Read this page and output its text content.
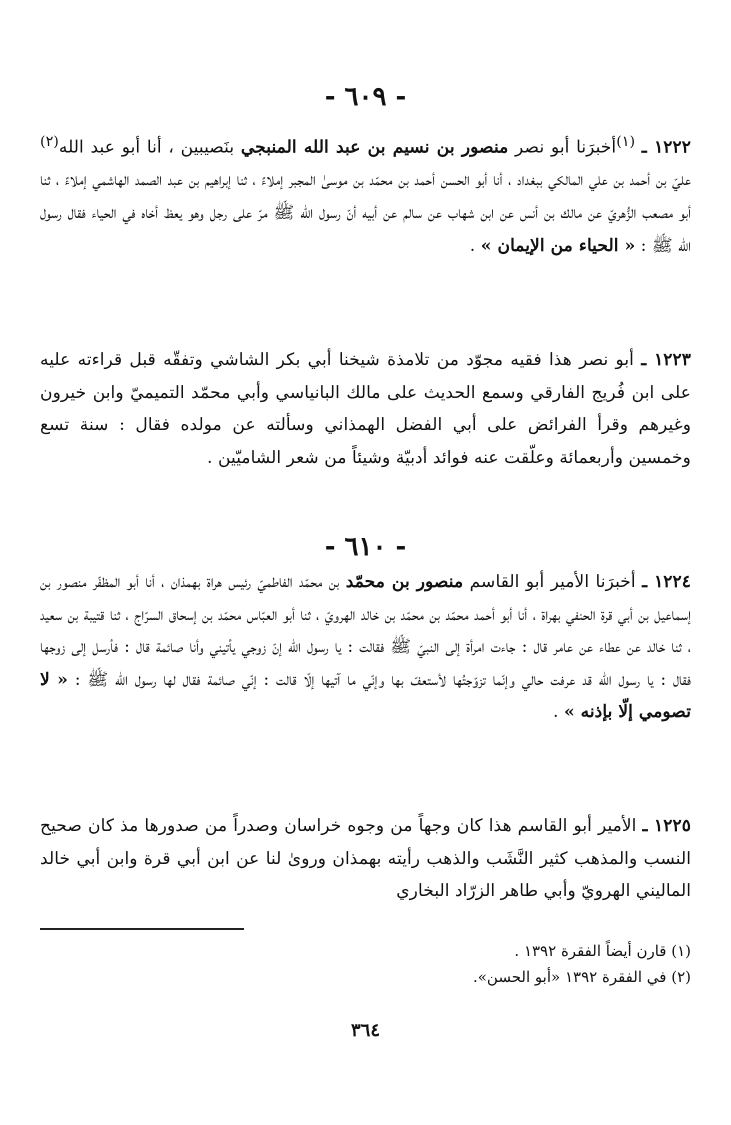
- ٦٠٩ -

١٢٢٢ ـ $^{(١)}$أخبرَنا أبو نصر منصور بن نسيم بن عبد الله المنبجي بنَصيبين ، أنا أبو عبد الله$^{(٢)}$ عليّ بن أحمد بن علي المالكي ببغداد ، أنا أبو الحسن أحمد بن محمّد بن موسىٰ المجبر إملاءً ، ثنا إبراهيم بن عبد الصمد الهاشمي إملاءً ، ثنا أبو مصعب الزُّهريّ عن مالك بن أنس عن ابن شهاب عن سالم عن أبيه أنّ رسول الله ﷺ مرّ على رجل وهو يعظ أخاه في الحياء فقال رسول الله ﷺ : « الحياء من الإيمان » .

١٢٢٣ ـ أبو نصر هذا فقيه مجوّد من تلامذة شيخنا أبي بكر الشاشي وتفقّه قبل قراءته عليه على ابن فُريج الفارقي وسمع الحديث على مالك البانياسي وأبي محمّد التميميّ وابن خيرون وغيرهم وقرأ الفرائض على أبي الفضل الهمذاني وسألته عن مولده فقال : سنة تسع وخمسين وأربعمائة وعلّقت عنه فوائد أدبيّة وشيئاً من شعر الشاميّين .

- ٦١٠ -

١٢٢٤ ـ أخبرَنا الأمير أبو القاسم منصور بن محمّد بن محمّد الفاطميّ رئيس هراة بهمذان ، أنا أبو المظفّر منصور بن إسماعيل بن أبي قرة الحنفي بهراة ، أنا أبو أحمد محمّد بن محمّد بن خالد الهرويّ ، ثنا أبو العبّاس محمّد بن إسحاق السرّاج ، ثنا قتيبة بن سعيد ، ثنا خالد عن عطاء عن عامر قال : جاءت امرأة إلى النبيّ ﷺ فقالت : يا رسول الله إنّ زوجي يأتيني وأنا صائمة قال : فأرسل إلى زوجها فقال : يا رسول الله قد عرفت حالي وإنّما تزوّجتُها لأستعفّ بها وإنّي ما آتيها إلّا قالت : إنّي صائمة فقال لها رسول الله ﷺ : « لا تصومي إلّا بإذنه » .

١٢٢٥ ـ الأمير أبو القاسم هذا كان وجهاً من وجوه خراسان وصدراً من صدورها مذ كان صحيح النسب والمذهب كثير النَّشَب والذهب رأيته بهمذان وروىٰ لنا عن ابن أبي قرة وابن أبي خالد الماليني الهرويّ وأبي طاهر الزرّاد البخاري

(١) قارن أيضاً الفقرة ١٣٩٢ .
(٢) في الفقرة ١٣٩٢ «أبو الحسن».
٣٦٤
